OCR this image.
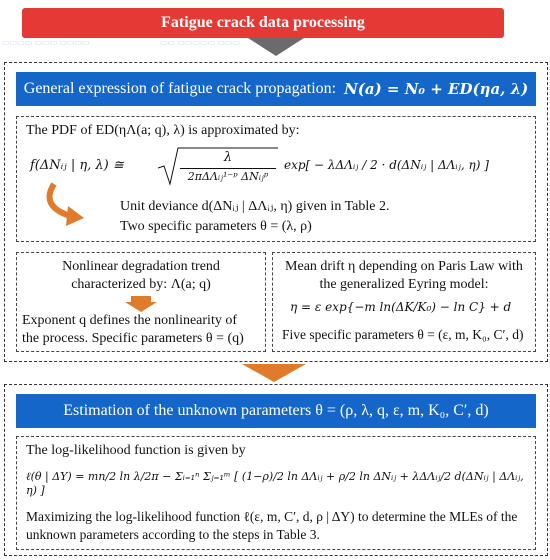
Fatigue crack data processing
▭▭▭▭ ▭▭▭ ▭▭▭▭	▭▭ ▭▭▭▭▭ ▭▭▭
General expression of fatigue crack propagation: N(a) = N₀ + ED(ηa, λ)
The PDF of ED(ηΛ(a; q), λ) is approximated by:
f(ΔNᵢⱼ | η, λ) ≅
λ
2πΔΛᵢⱼ¹⁻ᵖ ΔNᵢⱼᵖ
exp[ − λΔΛᵢⱼ / 2 · d(ΔNᵢⱼ | ΔΛᵢⱼ, η) ]
Unit deviance d(ΔNᵢⱼ | ΔΛᵢⱼ, η) given in Table 2.
Two specific parameters θ = (λ, ρ)
Nonlinear degradation trend
characterized by: Λ(a; q)
Exponent q defines the nonlinearity of
the process. Specific parameters θ = (q)
Mean drift η depending on Paris Law with
the generalized Eyring model:
η = ε exp{−m ln(ΔK/K₀) − ln C} + d
Five specific parameters θ = (ε, m, K₀, C′, d)
Estimation of the unknown parameters θ = (ρ, λ, q, ε, m, K₀, C′, d)
The log-likelihood function is given by
ℓ(θ | ΔY) = mn/2 ln λ/2π − Σᵢ₌₁ⁿ Σⱼ₌₁ᵐ [ (1−ρ)/2 ln ΔΛᵢⱼ + ρ/2 ln ΔNᵢⱼ + λΔΛᵢⱼ/2 d(ΔNᵢⱼ | ΔΛᵢⱼ, η) ]
Maximizing the log-likelihood function ℓ(ε, m, C′, d, ρ | ΔY) to determine the MLEs of the
unknown parameters according to the steps in Table 3.
